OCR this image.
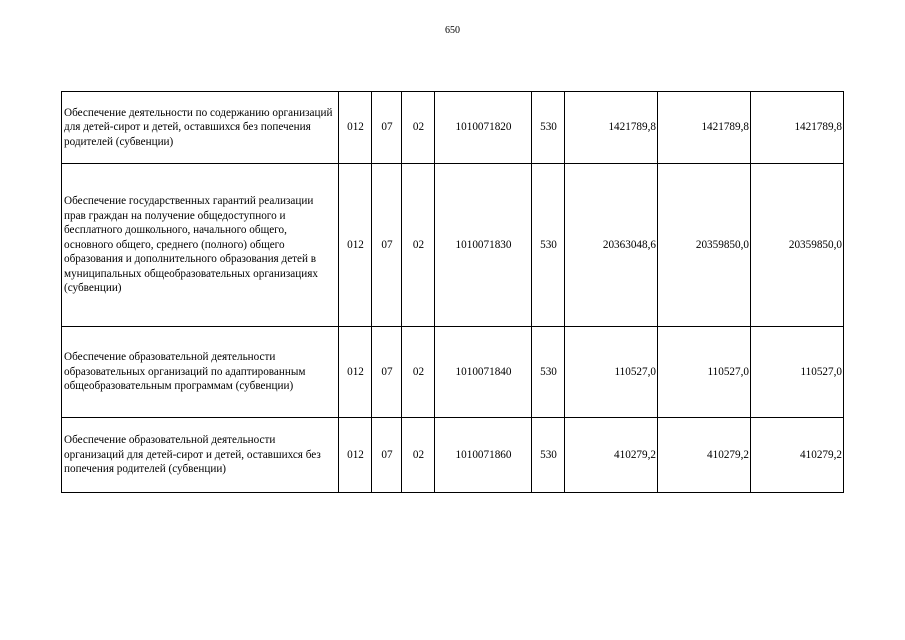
650
Обеспечение деятельности по содержанию организаций для детей-сирот и детей, оставшихся без попечения родителей (субвенции)	012	07	02	1010071820	530	1421789,8	1421789,8	1421789,8
Обеспечение государственных гарантий реализации прав граждан на получение общедоступного и бесплатного дошкольного, начального общего, основного общего, среднего (полного) общего образования и дополнительного образования детей в муниципальных общеобразовательных организациях (субвенции)	012	07	02	1010071830	530	20363048,6	20359850,0	20359850,0
Обеспечение образовательной деятельности образовательных организаций по адаптированным общеобразовательным программам (субвенции)	012	07	02	1010071840	530	110527,0	110527,0	110527,0
Обеспечение образовательной деятельности организаций для детей-сирот и детей, оставшихся без попечения родителей (субвенции)	012	07	02	1010071860	530	410279,2	410279,2	410279,2
